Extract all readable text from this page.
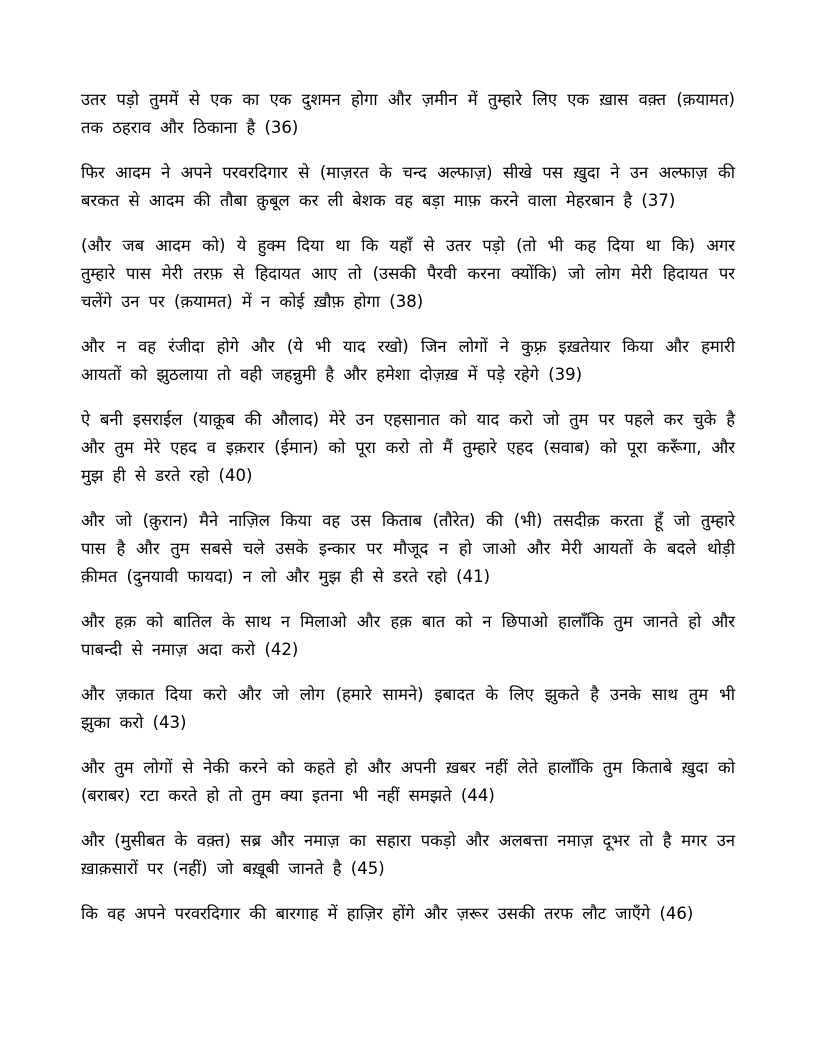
उतर पड़ो तुममें से एक का एक दुशमन होगा और ज़मीन में तुम्हारे लिए एक ख़ास वक़्त (क़यामत) तक ठहराव और ठिकाना है (36)

फिर आदम ने अपने परवरदिगार से (माज़रत के चन्द अल्फाज़) सीखे पस ख़ुदा ने उन अल्फाज़ की बरकत से आदम की तौबा क़ुबूल कर ली बेशक वह बड़ा माफ़ करने वाला मेहरबान है (37)

(और जब आदम को) ये हुक्म दिया था कि यहाँ से उतर पड़ो (तो भी कह दिया था कि) अगर तुम्हारे पास मेरी तरफ़ से हिदायत आए तो (उसकी पैरवी करना क्योंकि) जो लोग मेरी हिदायत पर चलेंगे उन पर (क़यामत) में न कोई ख़ौफ़ होगा (38)

और न वह रंजीदा होगे और (ये भी याद रखो) जिन लोगों ने कुफ़्र इख़तेयार किया और हमारी आयतों को झुठलाया तो वही जहन्नुमी है और हमेशा दोज़ख़ में पड़े रहेगे (39)

ऐ बनी इसराईल (याक़ूब की औलाद) मेरे उन एहसानात को याद करो जो तुम पर पहले कर चुके है और तुम मेरे एहद व इक़रार (ईमान) को पूरा करो तो मैं तुम्हारे एहद (सवाब) को पूरा करूँगा, और मुझ ही से डरते रहो (40)

और जो (क़ुरान) मैने नाज़िल किया वह उस किताब (तौरेत) की (भी) तसदीक़ करता हूँ जो तुम्हारे पास है और तुम सबसे चले उसके इन्कार पर मौजूद न हो जाओ और मेरी आयतों के बदले थोड़ी क़ीमत (दुनयावी फायदा) न लो और मुझ ही से डरते रहो (41)

और हक़ को बातिल के साथ न मिलाओ और हक़ बात को न छिपाओ हालाँकि तुम जानते हो और पाबन्दी से नमाज़ अदा करो (42)

और ज़कात दिया करो और जो लोग (हमारे सामने) इबादत के लिए झुकते है उनके साथ तुम भी झुका करो (43)

और तुम लोगों से नेकी करने को कहते हो और अपनी ख़बर नहीं लेते हालाँकि तुम किताबे ख़ुदा को (बराबर) रटा करते हो तो तुम क्या इतना भी नहीं समझते (44)

और (मुसीबत के वक़्त) सब्र और नमाज़ का सहारा पकड़ो और अलबत्ता नमाज़ दूभर तो है मगर उन ख़ाक़सारों पर (नहीं) जो बख़ूबी जानते है (45)

कि वह अपने परवरदिगार की बारगाह में हाज़िर होंगे और ज़रूर उसकी तरफ लौट जाएँगे (46)
